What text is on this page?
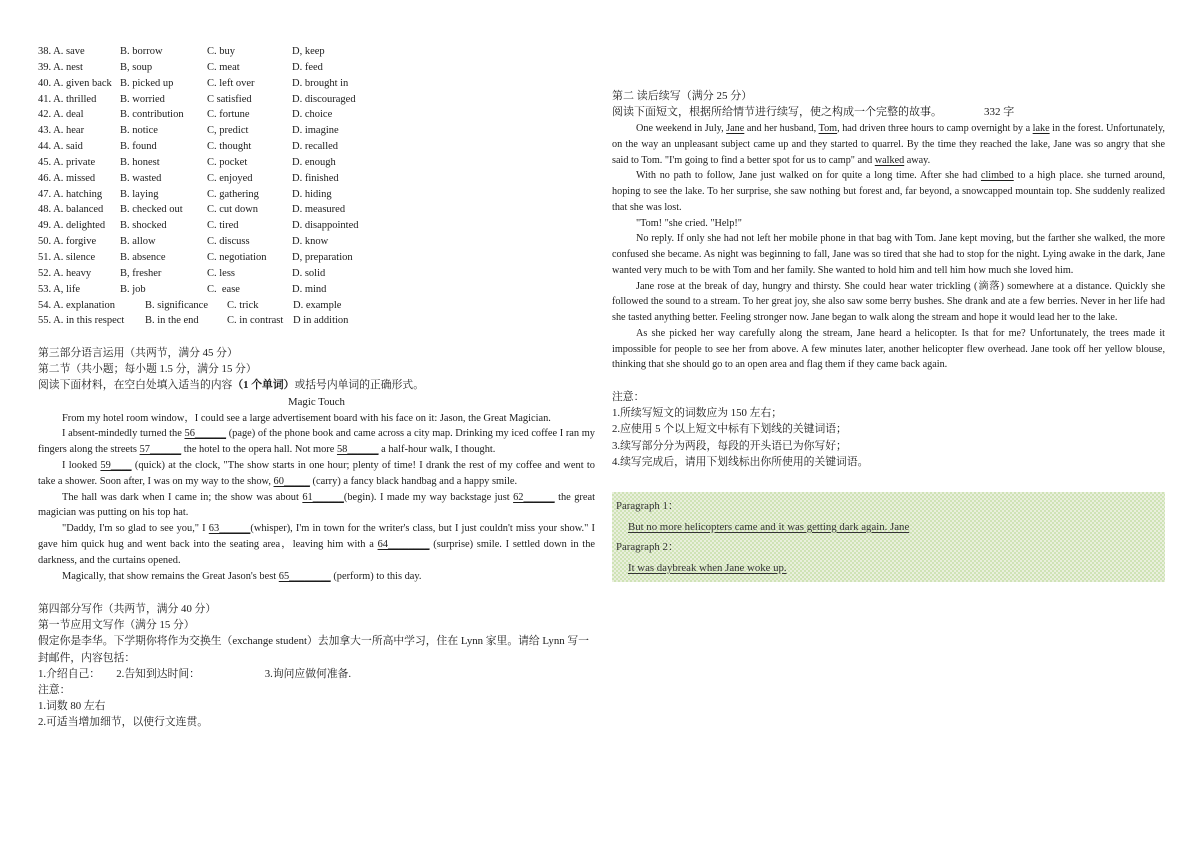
38. A. save	B. borrow	C. buy	D, keep
39. A. nest	B, soup	C. meat	D. feed
40. A. given back B. picked up	C. left over	D. brought in
41. A. thrilled	B. worried	C satisfied	D. discouraged
42. A. deal	B. contribution	C. fortune	D. choice
43. A. hear	B. notice	C, predict	D. imagine
44. A. said	B. found	C. thought	D. recalled
45. A. private	B. honest	C. pocket	D. enough
46. A. missed	B. wasted	C. enjoyed	D. finished
47. A. hatching	B. laying	C. gathering	D. hiding
48. A. balanced	B. checked out	C. cut down	D. measured
49. A. delighted	B. shocked	C. tired	D. disappointed
50. A. forgive	B. allow	C. discuss	D. know
51. A. silence	B. absence	C. negotiation	D, preparation
52. A. heavy	B, fresher	C. less	D. solid
53. A, life	B. job	C.  ease	D. mind
54. A. explanation	B. significance	C. trick	D. example
55. A. in this respect	B. in the end	C. in contrast D in addition
第三部分语言运用（共两节，满分 45 分）
第二节（共小题；每小题 1.5 分，满分 15 分）
阅读下面材料，在空白处填入适当的内容（1 个单词）或括号内单词的正确形式。
Magic Touch

From my hotel room window，I could see a large advertisement board with his face on it: Jason, the Great Magician.

I absent-mindedly turned the 56______ (page) of the phone book and came across a city map. Drinking my iced coffee I ran my fingers along the streets 57______ the hotel to the opera hall. Not more 58______ a half-hour walk, I thought.

I looked 59____ (quick) at the clock, "The show starts in one hour; plenty of time! I drank the rest of my coffee and went to take a shower. Soon after, I was on my way to the show, 60_____ (carry) a fancy black handbag and a happy smile.

The hall was dark when I came in; the show was about 61______(begin). I made my way backstage just 62______ the great magician was putting on his top hat.

"Daddy, I'm so glad to see you," I 63______(whisper), I'm in town for the writer's class, but I just couldn't miss your show." I gave him quick hug and went back into the seating area，leaving him with a 64________ (surprise) smile. I settled down in the darkness, and the curtains opened.

Magically, that show remains the Great Jason's best 65________ (perform) to this day.

第四部分写作（共两节，满分 40 分）
第一节应用文写作（满分 15 分）
假定你是李华。下学期你将作为交换生（exchange student）去加拿大一所高中学习，住在 Lynn 家里。请给 Lynn 写一封邮件，内容包括：
1.介绍自己：      2.告知到达时间：                        3.询问应做何准备.
注意：
1.词数 80 左右
2.可适当增加细节，以使行文连贯。
第二 读后续写（满分 25 分）
阅读下面短文，根据所给情节进行续写，使之构成一个完整的故事。	332 字

One weekend in July, Jane and her husband, Tom, had driven three hours to camp overnight by a lake in the forest. Unfortunately, on the way an unpleasant subject came up and they started to quarrel. By the time they reached the lake, Jane was so angry that she said to Tom. "I'm going to find a better spot for us to camp" and walked away.

With no path to follow, Jane just walked on for quite a long time. After she had climbed to a high place. she turned around, hoping to see the lake. To her surprise, she saw nothing but forest and, far beyond, a snowcapped mountain top. She suddenly realized that she was lost.

"Tom! "she cried. "Help!"

No reply. If only she had not left her mobile phone in that bag with Tom. Jane kept moving, but the farther she walked, the more confused she became. As night was beginning to fall, Jane was so tired that she had to stop for the night. Lying awake in the dark, Jane wanted very much to be with Tom and her family. She wanted to hold him and tell him how much she loved him.

Jane rose at the break of day, hungry and thirsty. She could hear water trickling (滴落) somewhere at a distance. Quickly she followed the sound to a stream. To her great joy, she also saw some berry bushes. She drank and ate a few berries. Never in her life had she tasted anything better. Feeling stronger now. Jane began to walk along the stream and hope it would lead her to the lake.

As she picked her way carefully along the stream, Jane heard a helicopter. Is that for me? Unfortunately, the trees made it impossible for people to see her from above. A few minutes later, another helicopter flew overhead. Jane took off her yellow blouse, thinking that she should go to an open area and flag them if they came back again.

注意：
1.所续写短文的词数应为 150 左右；
2.应使用 5 个以上短文中标有下划线的关键词语；
3.续写部分分为两段，每段的开头语已为你写好；
4.续写完成后，请用下划线标出你所使用的关键词语。
Paragraph 1：
But no more helicopters came and it was getting dark again. Jane
Paragraph 2：
It was daybreak when Jane woke up.
